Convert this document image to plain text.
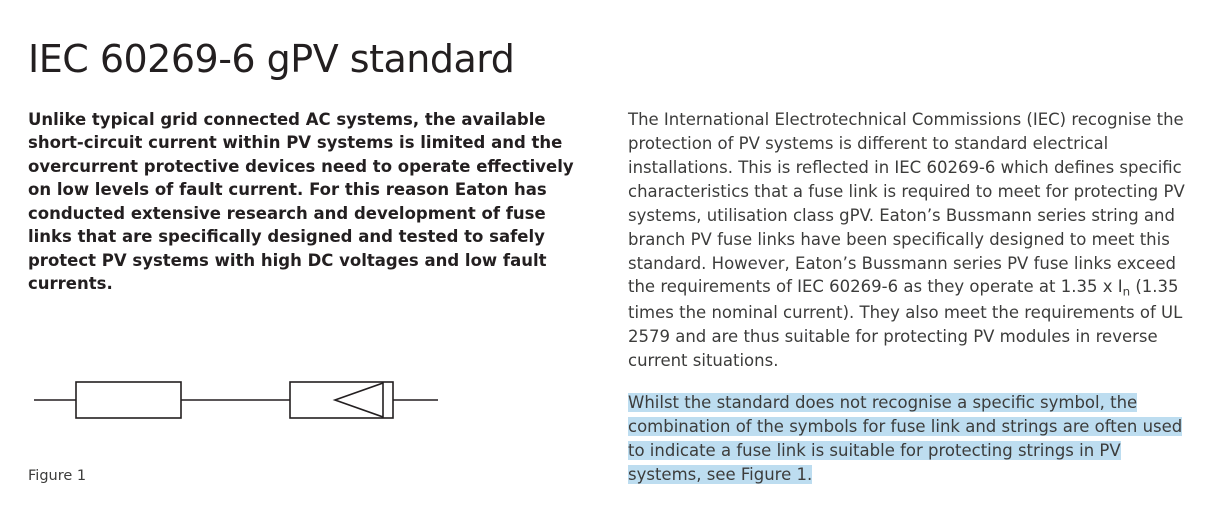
IEC 60269-6 gPV standard

Unlike typical grid connected AC systems, the available short-circuit current within PV systems is limited and the overcurrent protective devices need to operate effectively on low levels of fault current. For this reason Eaton has conducted extensive research and development of fuse links that are specifically designed and tested to safely protect PV systems with high DC voltages and low fault currents.

The International Electrotechnical Commissions (IEC) recognise the protection of PV systems is different to standard electrical installations. This is reflected in IEC 60269-6 which defines specific characteristics that a fuse link is required to meet for protecting PV systems, utilisation class gPV. Eaton’s Bussmann series string and branch PV fuse links have been specifically designed to meet this standard. However, Eaton’s Bussmann series PV fuse links exceed the requirements of IEC 60269-6 as they operate at 1.35 x $I_n$ (1.35 times the nominal current). They also meet the requirements of UL 2579 and are thus suitable for protecting PV modules in reverse current situations.

Whilst the standard does not recognise a specific symbol, the combination of the symbols for fuse link and strings are often used to indicate a fuse link is suitable for protecting strings in PV systems, see Figure 1.

Figure 1
